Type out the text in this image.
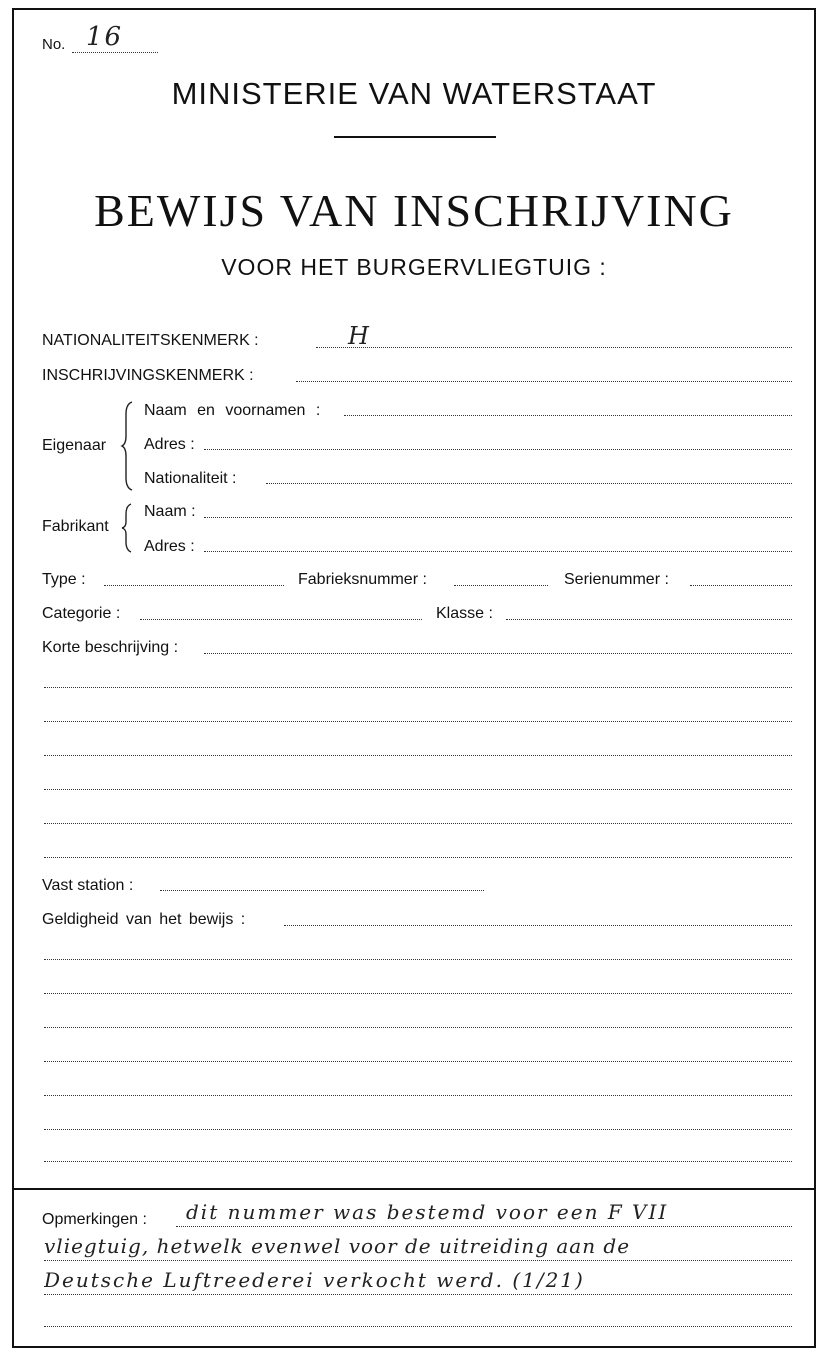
No. 16
MINISTERIE VAN WATERSTAAT
BEWIJS VAN INSCHRIJVING
VOOR HET BURGERVLIEGTUIG :
NATIONALITEITSKENMERK :	H
INSCHRIJVINGSKENMERK :
Eigenaar
Naam en voornamen :
Adres :
Nationaliteit :
Fabrikant
Naam :
Adres :
Type :	Fabrieksnummer :	Serienummer :
Categorie :	Klasse :
Korte beschrijving :
Vast station :
Geldigheid van het bewijs :
Opmerkingen : dit nummer was bestemd voor een F VII
vliegtuig, hetwelk evenwel voor de uitreiding aan de
Deutsche Luftreederei verkocht werd. (1/21)
